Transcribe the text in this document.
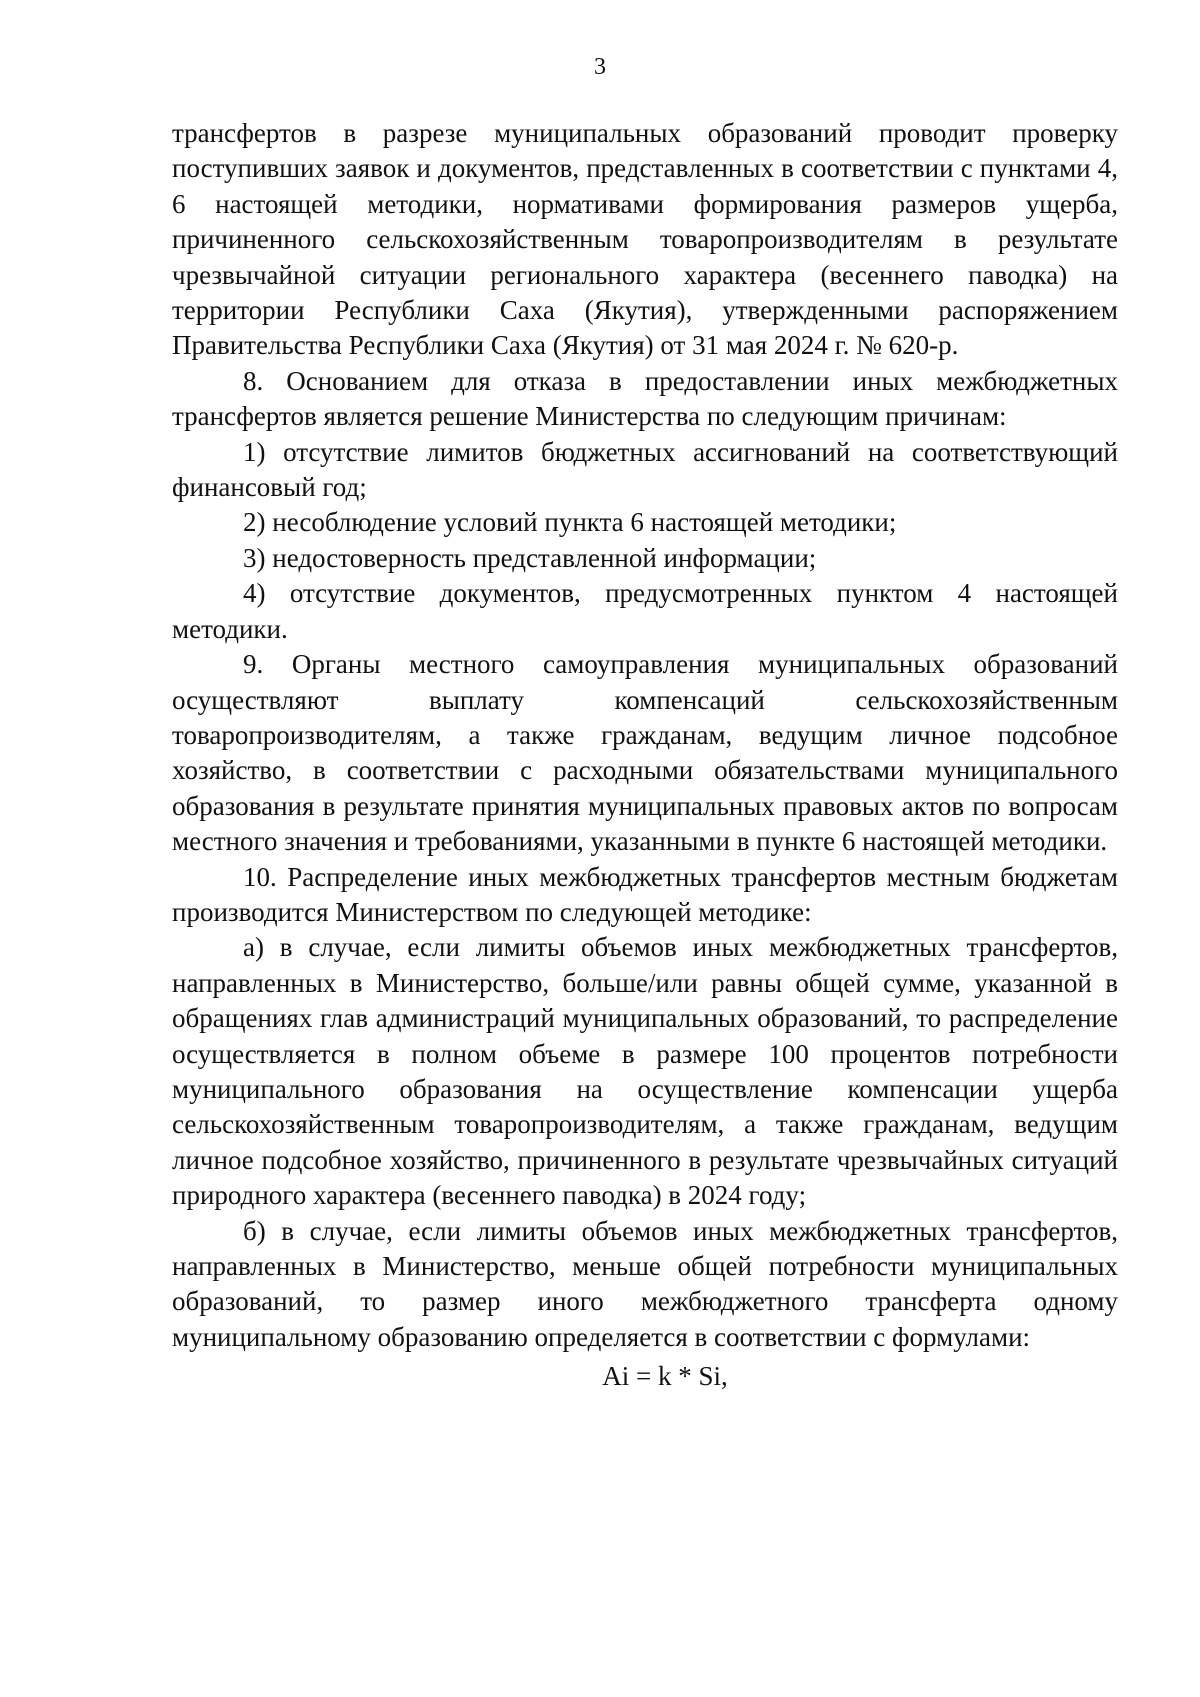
3

трансфертов в разрезе муниципальных образований проводит проверку поступивших заявок и документов, представленных в соответствии с пунктами 4, 6 настоящей методики, нормативами формирования размеров ущерба, причиненного сельскохозяйственным товаропроизводителям в результате чрезвычайной ситуации регионального характера (весеннего паводка) на территории Республики Саха (Якутия), утвержденными распоряжением Правительства Республики Саха (Якутия) от 31 мая 2024 г. № 620-р.

8. Основанием для отказа в предоставлении иных межбюджетных трансфертов является решение Министерства по следующим причинам:

1) отсутствие лимитов бюджетных ассигнований на соответствующий финансовый год;

2) несоблюдение условий пункта 6 настоящей методики;

3) недостоверность представленной информации;

4) отсутствие документов, предусмотренных пунктом 4 настоящей методики.

9. Органы местного самоуправления муниципальных образований осуществляют выплату компенсаций сельскохозяйственным товаропроизводителям, а также гражданам, ведущим личное подсобное хозяйство, в соответствии с расходными обязательствами муниципального образования в результате принятия муниципальных правовых актов по вопросам местного значения и требованиями, указанными в пункте 6 настоящей методики.

10. Распределение иных межбюджетных трансфертов местным бюджетам производится Министерством по следующей методике:

а) в случае, если лимиты объемов иных межбюджетных трансфертов, направленных в Министерство, больше/или равны общей сумме, указанной в обращениях глав администраций муниципальных образований, то распределение осуществляется в полном объеме в размере 100 процентов потребности муниципального образования на осуществление компенсации ущерба сельскохозяйственным товаропроизводителям, а также гражданам, ведущим личное подсобное хозяйство, причиненного в результате чрезвычайных ситуаций природного характера (весеннего паводка) в 2024 году;

б) в случае, если лимиты объемов иных межбюджетных трансфертов, направленных в Министерство, меньше общей потребности муниципальных образований, то размер иного межбюджетного трансферта одному муниципальному образованию определяется в соответствии с формулами:

Ai = k * Si,
